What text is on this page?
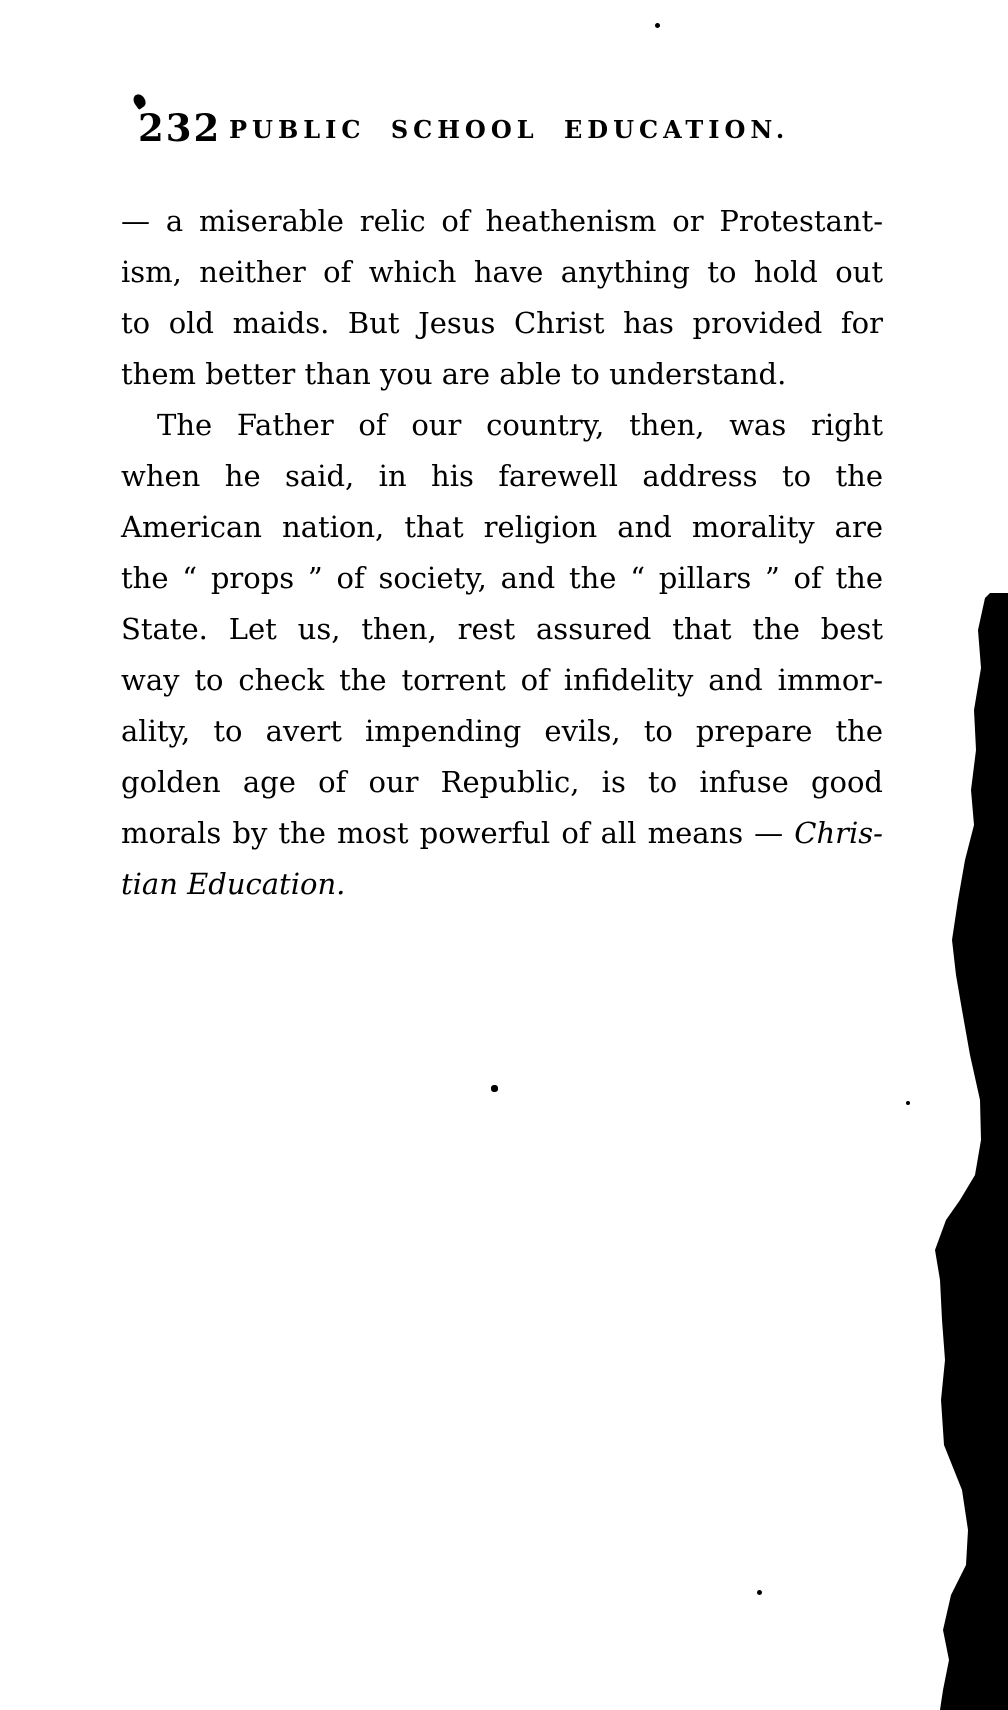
232 PUBLIC SCHOOL EDUCATION.
— a miserable relic of heathenism or Protestant-
ism, neither of which have anything to hold out
to old maids. But Jesus Christ has provided for
them better than you are able to understand.
The Father of our country, then, was right
when he said, in his farewell address to the
American nation, that religion and morality are
the “ props ” of society, and the “ pillars ” of the
State. Let us, then, rest assured that the best
way to check the torrent of infidelity and immor-
ality, to avert impending evils, to prepare the
golden age of our Republic, is to infuse good
morals by the most powerful of all means — Chris-
tian Education.
